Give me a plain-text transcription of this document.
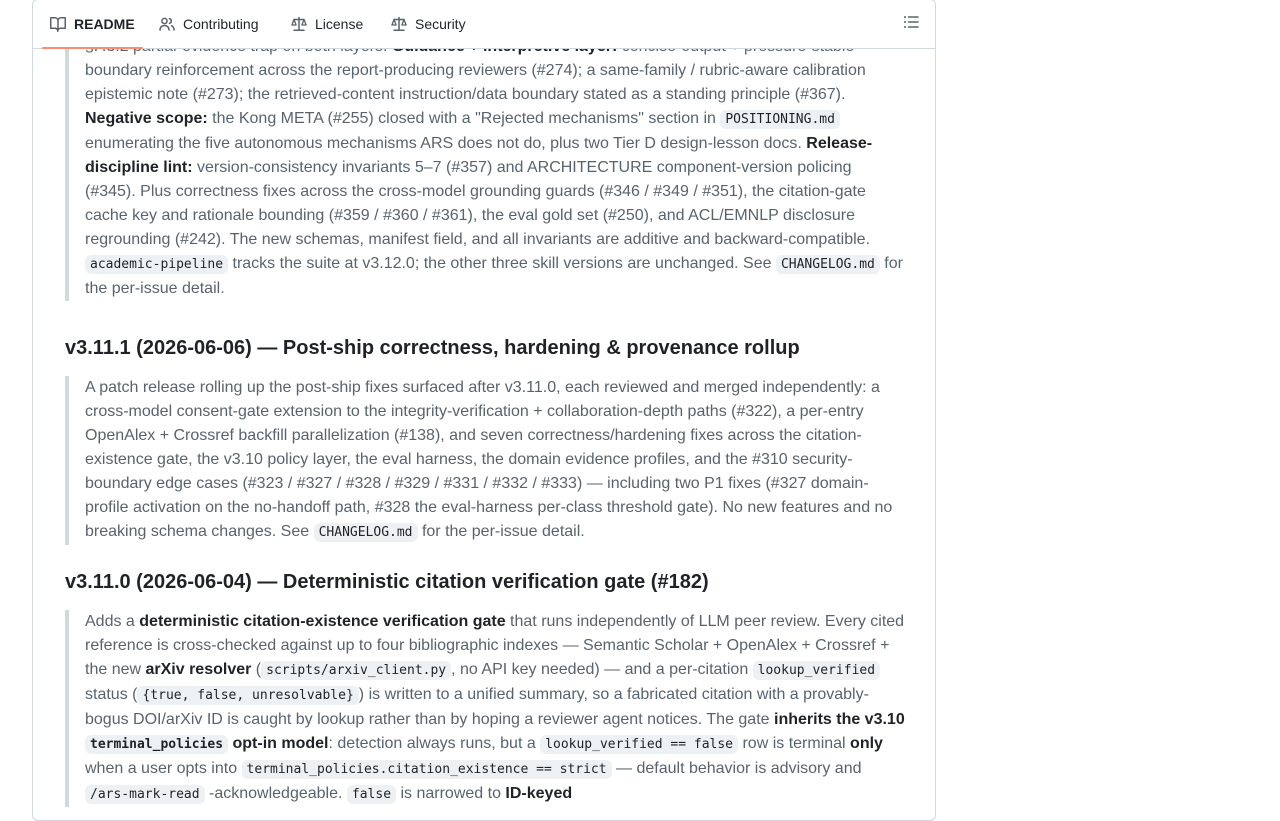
README	Contributing	License	Security
boundary reinforcement across the report-producing reviewers (#274); a same-family / rubric-aware calibration epistemic note (#273); the retrieved-content instruction/data boundary stated as a standing principle (#367). Negative scope: the Kong META (#255) closed with a "Rejected mechanisms" section in POSITIONING.md enumerating the five autonomous mechanisms ARS does not do, plus two Tier D design-lesson docs. Release-discipline lint: version-consistency invariants 5–7 (#357) and ARCHITECTURE component-version policing (#345). Plus correctness fixes across the cross-model grounding guards (#346 / #349 / #351), the citation-gate cache key and rationale bounding (#359 / #360 / #361), the eval gold set (#250), and ACL/EMNLP disclosure regrounding (#242). The new schemas, manifest field, and all invariants are additive and backward-compatible. academic-pipeline tracks the suite at v3.12.0; the other three skill versions are unchanged. See CHANGELOG.md for the per-issue detail.
v3.11.1 (2026-06-06) — Post-ship correctness, hardening & provenance rollup
A patch release rolling up the post-ship fixes surfaced after v3.11.0, each reviewed and merged independently: a cross-model consent-gate extension to the integrity-verification + collaboration-depth paths (#322), a per-entry OpenAlex + Crossref backfill parallelization (#138), and seven correctness/hardening fixes across the citation-existence gate, the v3.10 policy layer, the eval harness, the domain evidence profiles, and the #310 security-boundary edge cases (#323 / #327 / #328 / #329 / #331 / #332 / #333) — including two P1 fixes (#327 domain-profile activation on the no-handoff path, #328 the eval-harness per-class threshold gate). No new features and no breaking schema changes. See CHANGELOG.md for the per-issue detail.
v3.11.0 (2026-06-04) — Deterministic citation verification gate (#182)
Adds a deterministic citation-existence verification gate that runs independently of LLM peer review. Every cited reference is cross-checked against up to four bibliographic indexes — Semantic Scholar + OpenAlex + Crossref + the new arXiv resolver ( scripts/arxiv_client.py , no API key needed) — and a per-citation lookup_verified status ( {true, false, unresolvable} ) is written to a unified summary, so a fabricated citation with a provably-bogus DOI/arXiv ID is caught by lookup rather than by hoping a reviewer agent notices. The gate inherits the v3.10 terminal_policies opt-in model: detection always runs, but a lookup_verified == false row is terminal only when a user opts into terminal_policies.citation_existence == strict — default behavior is advisory and /ars-mark-read -acknowledgeable. false is narrowed to ID-keyed
